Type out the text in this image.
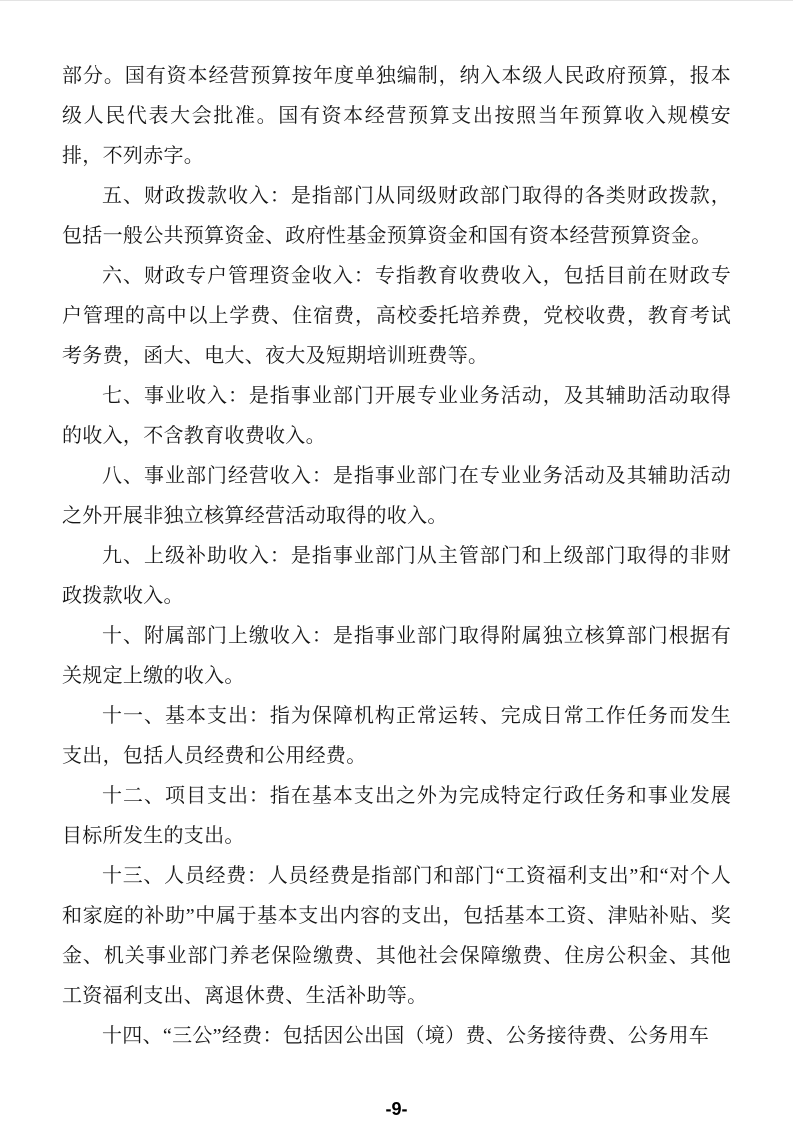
部分。国有资本经营预算按年度单独编制，纳入本级人民政府预算，报本级人民代表大会批准。国有资本经营预算支出按照当年预算收入规模安排，不列赤字。

五、财政拨款收入：是指部门从同级财政部门取得的各类财政拨款，包括一般公共预算资金、政府性基金预算资金和国有资本经营预算资金。

六、财政专户管理资金收入：专指教育收费收入，包括目前在财政专户管理的高中以上学费、住宿费，高校委托培养费，党校收费，教育考试考务费，函大、电大、夜大及短期培训班费等。

七、事业收入：是指事业部门开展专业业务活动，及其辅助活动取得的收入，不含教育收费收入。

八、事业部门经营收入：是指事业部门在专业业务活动及其辅助活动之外开展非独立核算经营活动取得的收入。

九、上级补助收入：是指事业部门从主管部门和上级部门取得的非财政拨款收入。

十、附属部门上缴收入：是指事业部门取得附属独立核算部门根据有关规定上缴的收入。

十一、基本支出：指为保障机构正常运转、完成日常工作任务而发生支出，包括人员经费和公用经费。

十二、项目支出：指在基本支出之外为完成特定行政任务和事业发展目标所发生的支出。

十三、人员经费：人员经费是指部门和部门“工资福利支出”和“对个人和家庭的补助”中属于基本支出内容的支出，包括基本工资、津贴补贴、奖金、机关事业部门养老保险缴费、其他社会保障缴费、住房公积金、其他工资福利支出、离退休费、生活补助等。

十四、“三公”经费：包括因公出国（境）费、公务接待费、公务用车

-9-
